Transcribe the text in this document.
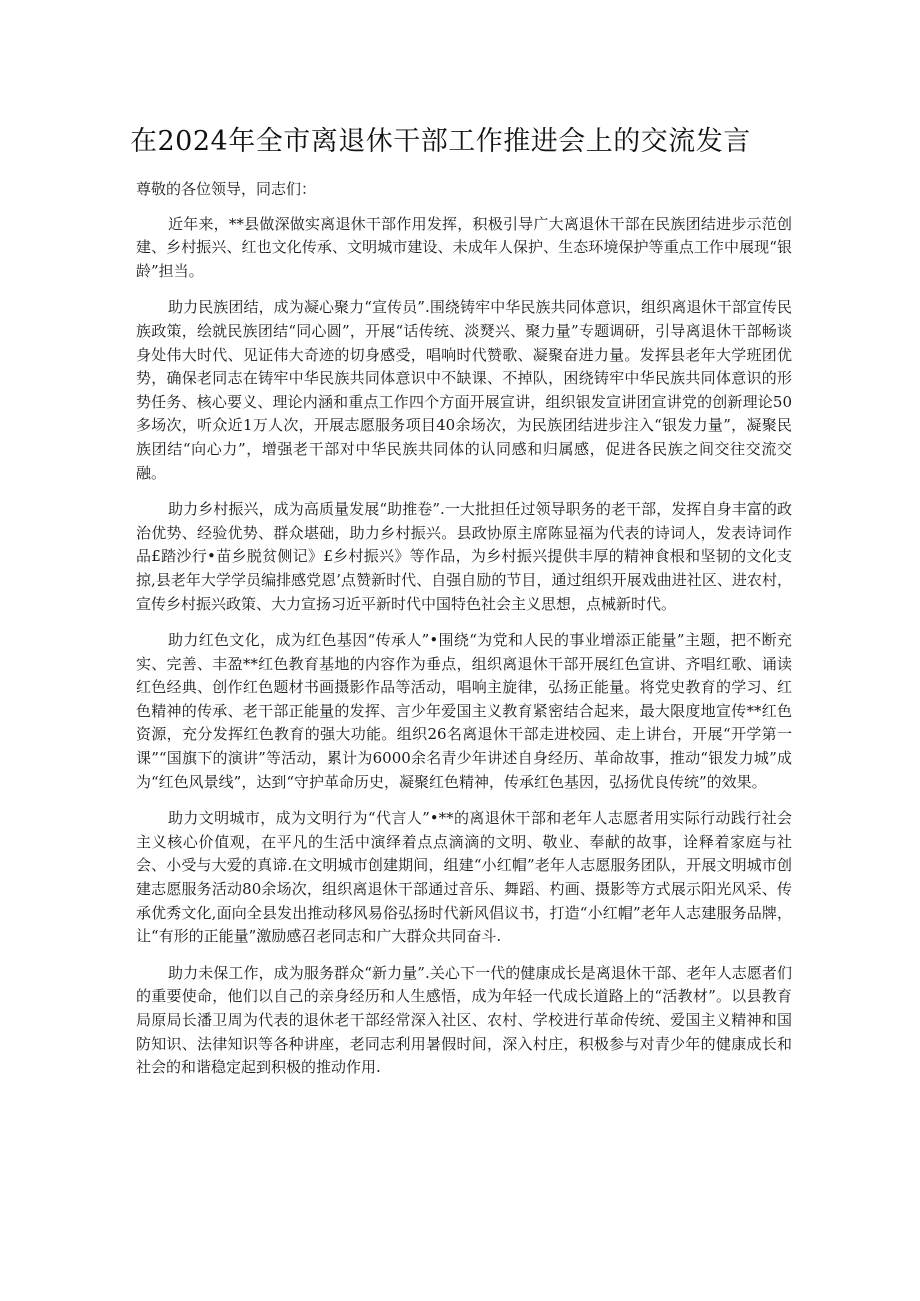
在2024年全市离退休干部工作推进会上的交流发言

尊敬的各位领导，同志们：

近年来，**县做深做实离退休干部作用发挥，积极引导广大离退休干部在民族团结进步示范创建、乡村振兴、红也文化传承、文明城市建设、未成年人保护、生态环境保护等重点工作中展现“银龄”担当。

助力民族团结，成为凝心聚力“宣传员”.围绕铸牢中华民族共同体意识，组织离退休干部宣传民族政策，绘就民族团结“同心圆”，开展“话传统、淡燹兴、聚力量”专题调研，引导离退休干部畅谈身处伟大时代、见证伟大奇迹的切身感受，唱响时代赞歌、凝聚奋进力量。发挥县老年大学班团优势，确保老同志在铸牢中华民族共同体意识中不缺课、不掉队，困绕铸牢中华民族共同体意识的形势任务、核心要义、理论内涵和重点工作四个方面开展宣讲，组织银发宣讲团宣讲党的创新理论50多场次，听众近1万人次，开展志愿服务项目40余场次，为民族团结进步注入“银发力量”，凝聚民族团结“向心力”，增强老干部对中华民族共同体的认同感和归属感，促进各民族之间交往交流交融。

助力乡村振兴，成为高质量发展“助推卷”.一大批担任过领导职务的老干部，发挥自身丰富的政治优势、经验优势、群众堪础，助力乡村振兴。县政协原主席陈显福为代表的诗词人，发表诗词作品£踏沙行•苗乡脱贫侧记》£乡村振兴》等作品，为乡村振兴提供丰厚的精神食根和坚韧的文化支掠,县老年大学学员编排感党恩’点赞新时代、自强自励的节目，通过组织开展戏曲进社区、进农村，宣传乡村振兴政策、大力宣扬习近平新时代中国特色社会主义思想，点械新时代。

助力红色文化，成为红色基因“传承人”•围绕“为党和人民的事业增添正能量”主题，把不断充实、完善、丰盈**红色教育基地的内容作为垂点，组织离退休干部开展红色宣讲、齐唱红歌、诵读红色经典、创作红色题材书画摄影作品等活动，唱响主旋律，弘扬正能量。将党史教育的学习、红色精神的传承、老干部正能量的发挥、言少年爱国主义教育紧密结合起来，最大限度地宣传**红色资源，充分发挥红色教育的强大功能。组织26名离退休干部走进校园、走上讲台，开展“开学第一课”“国旗下的演讲”等活动，累计为6000余名青少年讲述自身经历、革命故事，推动“银发力城”成为“红色风景线”，达到“守护革命历史，凝聚红色精神，传承红色基因，弘扬优良传统”的效果。

助力文明城市，成为文明行为“代言人”•**的离退休干部和老年人志愿者用实际行动践行社会主义核心价值观，在平凡的生活中演绎着点点滴滴的文明、敬业、奉献的故事，诠释着家庭与社会、小受与大爱的真谛.在文明城市创建期间，组建“小红帽”老年人志愿服务团队，开展文明城市创建志愿服务活动80余场次，组织离退休干部通过音乐、舞蹈、杓画、摄影等方式展示阳光风采、传承优秀文化,面向全县发出推动移风易俗弘扬时代新风倡议书，打造“小红帽”老年人志建服务品牌，让“有形的正能量”激励感召老同志和广大群众共同奋斗.

助力未保工作，成为服务群众“新力量”.关心下一代的健康成长是离退休干部、老年人志愿者们的重要使命，他们以自己的亲身经历和人生感悟，成为年轻一代成长道路上的“活教材”。以县教育局原局长潘卫周为代表的退休老干部经常深入社区、农村、学校进行革命传统、爱国主义精神和国防知识、法律知识等各种讲座，老同志利用暑假时间，深入村庄，积极参与对青少年的健康成长和社会的和谐稳定起到积极的推动作用.
